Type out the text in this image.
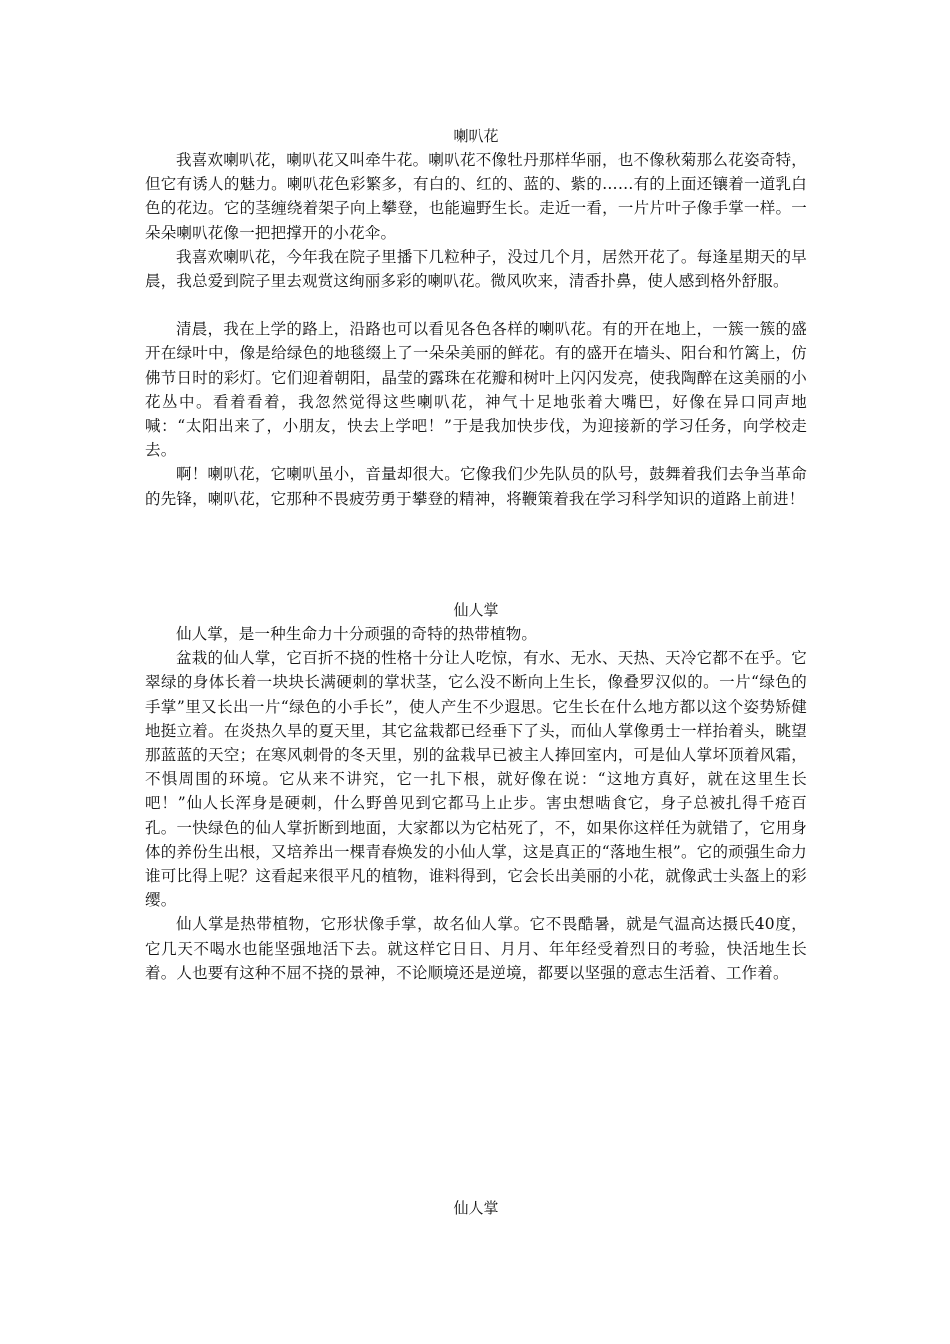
喇叭花

我喜欢喇叭花，喇叭花又叫牵牛花。喇叭花不像牡丹那样华丽，也不像秋菊那么花姿奇特，但它有诱人的魅力。喇叭花色彩繁多，有白的、红的、蓝的、紫的……有的上面还镶着一道乳白色的花边。它的茎缠绕着架子向上攀登，也能遍野生长。走近一看，一片片叶子像手掌一样。一朵朵喇叭花像一把把撑开的小花伞。

我喜欢喇叭花，今年我在院子里播下几粒种子，没过几个月，居然开花了。每逢星期天的早晨，我总爱到院子里去观赏这绚丽多彩的喇叭花。微风吹来，清香扑鼻，使人感到格外舒服。

清晨，我在上学的路上，沿路也可以看见各色各样的喇叭花。有的开在地上，一簇一簇的盛开在绿叶中，像是给绿色的地毯缀上了一朵朵美丽的鲜花。有的盛开在墙头、阳台和竹篱上，仿佛节日时的彩灯。它们迎着朝阳，晶莹的露珠在花瓣和树叶上闪闪发亮，使我陶醉在这美丽的小花丛中。看着看着，我忽然觉得这些喇叭花，神气十足地张着大嘴巴，好像在异口同声地喊：“太阳出来了，小朋友，快去上学吧！”于是我加快步伐，为迎接新的学习任务，向学校走去。

啊！喇叭花，它喇叭虽小，音量却很大。它像我们少先队员的队号，鼓舞着我们去争当革命的先锋，喇叭花，它那种不畏疲劳勇于攀登的精神，将鞭策着我在学习科学知识的道路上前进！

仙人掌

仙人掌，是一种生命力十分顽强的奇特的热带植物。

盆栽的仙人掌，它百折不挠的性格十分让人吃惊，有水、无水、天热、天冷它都不在乎。它翠绿的身体长着一块块长满硬刺的掌状茎，它么没不断向上生长，像叠罗汉似的。一片“绿色的手掌”里又长出一片“绿色的小手长”，使人产生不少遐思。它生长在什么地方都以这个姿势矫健地挺立着。在炎热久旱的夏天里，其它盆栽都已经垂下了头，而仙人掌像勇士一样抬着头，眺望那蓝蓝的天空；在寒风刺骨的冬天里，别的盆栽早已被主人捧回室内，可是仙人掌坏顶着风霜，不惧周围的环境。它从来不讲究，它一扎下根，就好像在说：“这地方真好，就在这里生长吧！”仙人长浑身是硬刺，什么野兽见到它都马上止步。害虫想啮食它，身子总被扎得千疮百孔。一快绿色的仙人掌折断到地面，大家都以为它枯死了，不，如果你这样任为就错了，它用身体的养份生出根，又培养出一棵青春焕发的小仙人掌，这是真正的“落地生根”。它的顽强生命力谁可比得上呢？这看起来很平凡的植物，谁料得到，它会长出美丽的小花，就像武士头盔上的彩缨。

仙人掌是热带植物，它形状像手掌，故名仙人掌。它不畏酷暑，就是气温高达摄氏40度，它几天不喝水也能坚强地活下去。就这样它日日、月月、年年经受着烈日的考验，快活地生长着。人也要有这种不屈不挠的景神，不论顺境还是逆境，都要以坚强的意志生活着、工作着。

仙人掌
